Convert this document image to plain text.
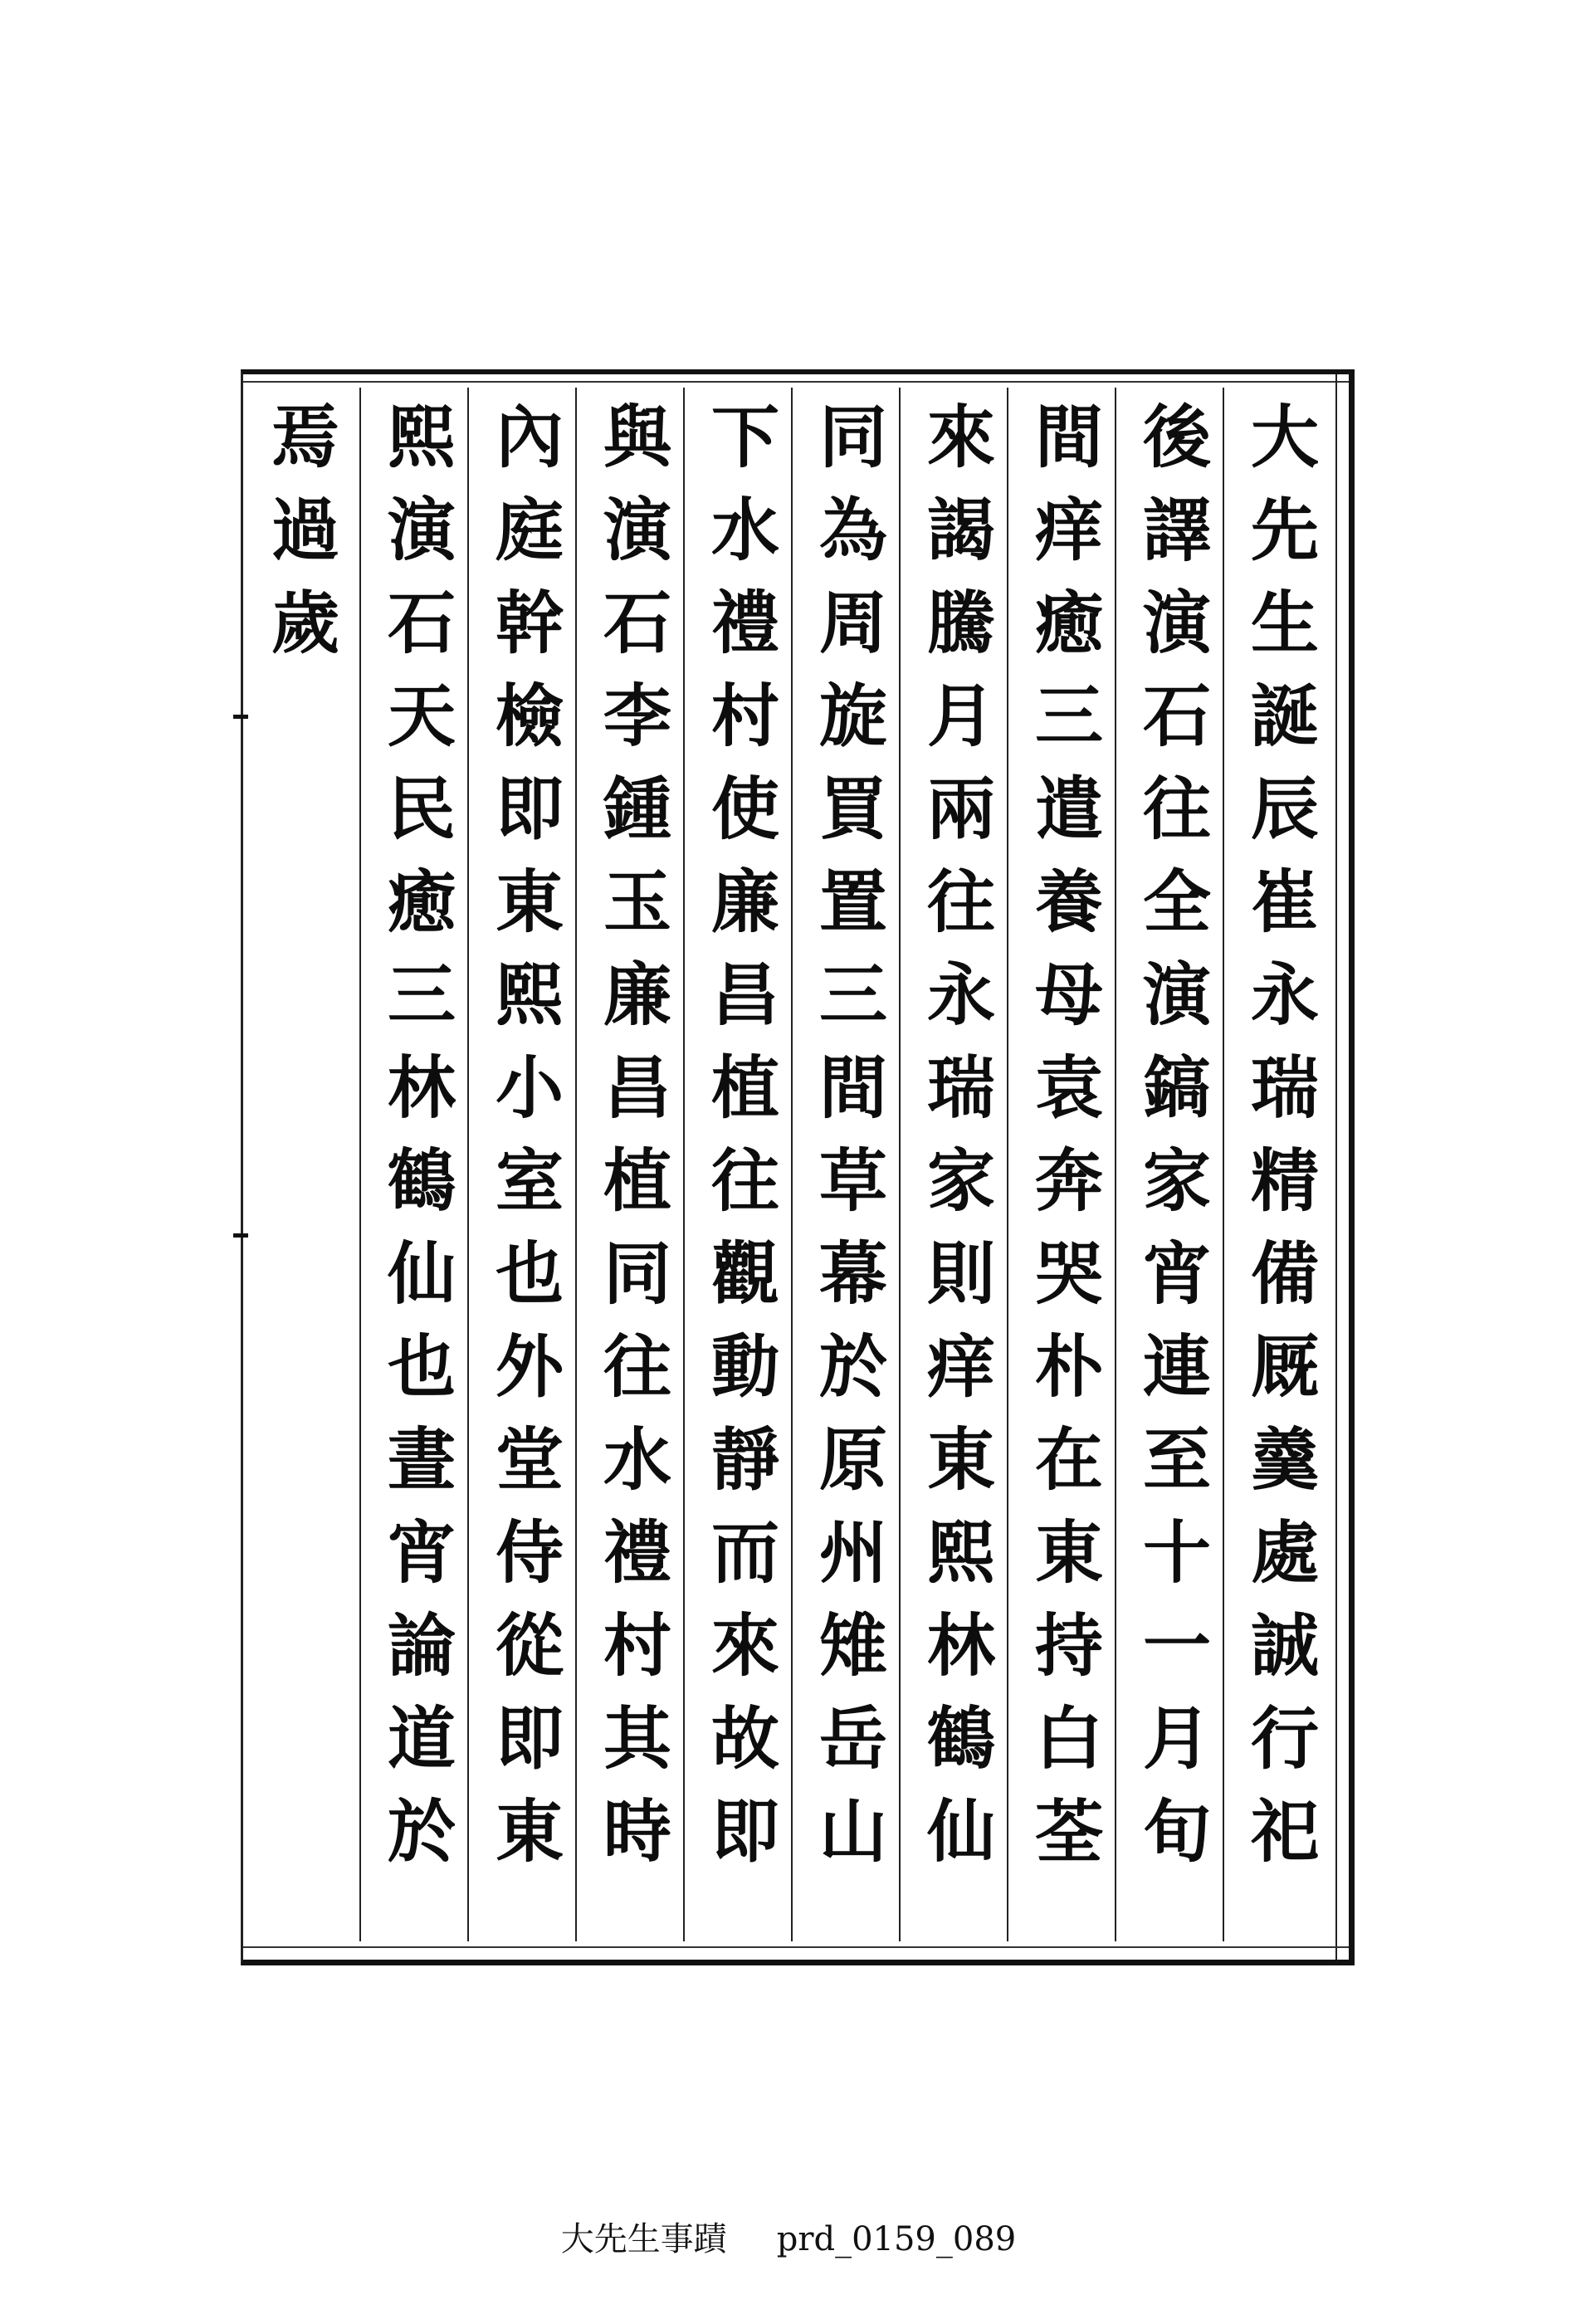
大
先
生
誕
辰
崔
永
瑞
精
備
厩
羹
處
誠
行
祀
後
譯
演
石
往
全
演
鎬
家
宵
連
至
十
一
月
旬
間
痒
癒
三
遣
養
母
袁
奔
哭
朴
在
東
持
白
荃
來
謁
騰
月
兩
往
永
瑞
家
則
痒
東
熙
林
鶴
仙
同
為
周
旋
買
置
三
間
草
幕
於
原
州
雉
岳
山
下
水
禮
村
使
廉
昌
植
往
觀
動
靜
而
來
故
即
與
演
石
李
鍾
玉
廉
昌
植
同
往
水
禮
村
其
時
內
庭
幹
檢
即
東
熙
小
室
也
外
堂
侍
從
即
東
熙
演
石
天
民
癒
三
林
鶴
仙
也
晝
宵
論
道
於
焉
過
歲
大先生事蹟 prd_0159_089
